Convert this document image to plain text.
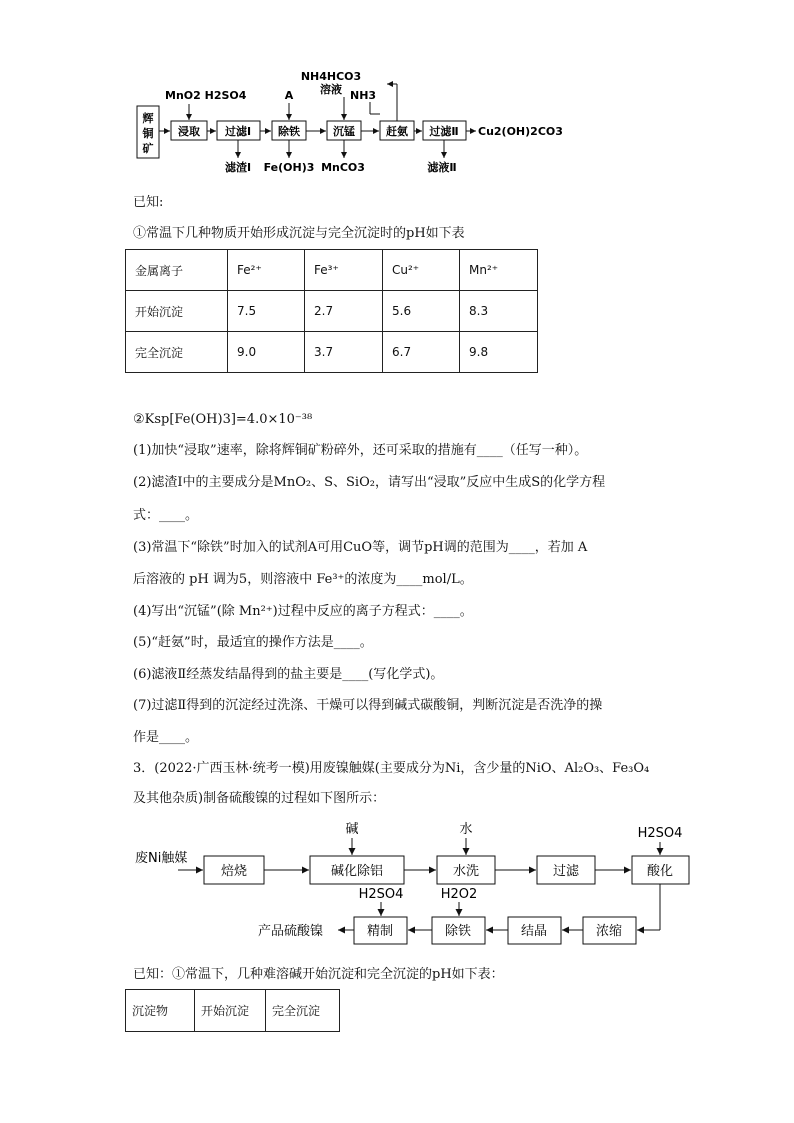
辉
铜
矿
浸取 过滤Ⅰ 除铁	沉锰	赶氨 过滤Ⅱ
MnO2 H2SO4	A
NH4HCO3
溶液 NH3
Cu2(OH)2CO3
滤渣Ⅰ Fe(OH)3 MnCO3	滤液Ⅱ
已知:
①常温下几种物质开始形成沉淀与完全沉淀时的pH如下表
金属离子	Fe²⁺	Fe³⁺	Cu²⁺	Mn²⁺
开始沉淀	7.5	2.7	5.6	8.3
完全沉淀	9.0	3.7	6.7	9.8
②Ksp[Fe(OH)3]=4.0×10⁻³⁸
(1)加快“浸取”速率，除将辉铜矿粉碎外，还可采取的措施有____（任写一种）。
(2)滤渣Ⅰ中的主要成分是MnO₂、S、SiO₂，请写出“浸取”反应中生成S的化学方程
式：____。
(3)常温下“除铁”时加入的试剂A可用CuO等，调节pH调的范围为____，若加 A
后溶液的 pH 调为5，则溶液中 Fe³⁺的浓度为____mol/L。
(4)写出“沉锰”(除 Mn²⁺)过程中反应的离子方程式：____。
(5)“赶氨”时，最适宜的操作方法是____。
(6)滤液Ⅱ经蒸发结晶得到的盐主要是____(写化学式)。
(7)过滤Ⅱ得到的沉淀经过洗涤、干燥可以得到碱式碳酸铜，判断沉淀是否洗净的操
作是____。
3．(2022·广西玉林·统考一模)用废镍触媒(主要成分为Ni，含少量的NiO、Al₂O₃、Fe₃O₄
及其他杂质)制备硫酸镍的过程如下图所示：
废Ni触媒
焙烧	碱化除铝	水洗	过滤	酸化
浓缩
结晶
除铁
精制
碱	水	H2SO4
H2SO4	H2O2
产品硫酸镍
已知：①常温下，几种难溶碱开始沉淀和完全沉淀的pH如下表：
沉淀物	开始沉淀	完全沉淀
